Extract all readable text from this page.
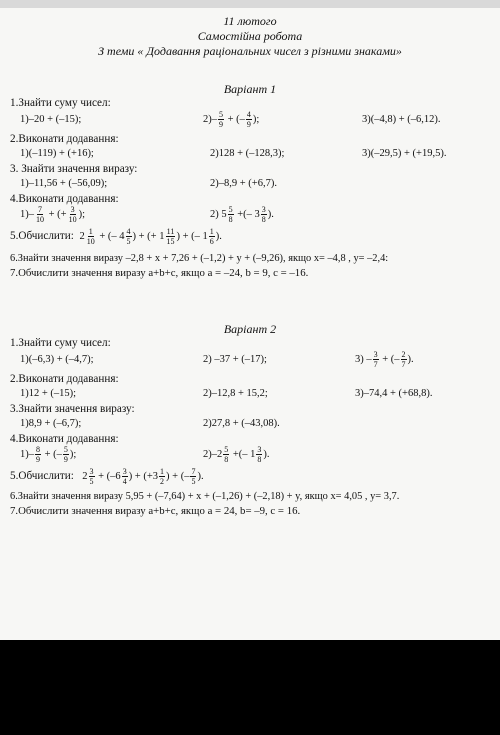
11 лютого
Самостійна робота
З теми « Додавання раціональних чисел з різними знаками»
Варіант 1
1.Знайти суму чисел:
1)–20 + (–15);	$2)- \frac{5}{9}$ + (– $\frac{4}{9}$ );	3)(–4,8) + (–6,12).
2.Виконати додавання:
1)(–119) + (+16);	2)128 + (–128,3);	3)(–29,5) + (+19,5).
3. Знайти значення виразу:
1)–11,56 + (–56,09);	2)–8,9 + (+6,7).
4.Виконати додавання:
$1)- \frac{7}{10}$ + (+ $\frac{3}{10}$ );	2) $5 \frac{5}{8}$ +(– $3 \frac{3}{8}$ ).
5.Обчислити: $2 \frac{1}{10}$ + (– $4 \frac{4}{5}$ ) + (+ $1 \frac{11}{15}$ ) + (– $1 \frac{1}{6}$ ).
6.Знайти значення виразу –2,8 + x + 7,26 + (–1,2) + y + (–9,26), якщо x= –4,8 , y= –2,4:
7.Обчислити значення виразу a+b+c, якщо a = –24, b = 9, c = –16.
Варіант 2
1.Знайти суму чисел:
1)(–6,3) + (–4,7);	2) –37 + (–17);	$3) - \frac{3}{7}$ + (– $\frac{2}{7}$ ).
2.Виконати додавання:
1)12 + (–15);	2)–12,8 + 15,2;	3)–74,4 + (+68,8).
3.Знайти значення виразу:
1)8,9 + (–6,7);	2)27,8 + (–43,08).
4.Виконати додавання:
$1)- \frac{8}{9}$ + (– $\frac{5}{9}$ );	$2)-2 \frac{5}{8}$ +(– $1 \frac{3}{8}$ ).
5.Обчислити: $2 \frac{3}{5} + (-6 \frac{3}{4}$ ) + ($+3 \frac{1}{2}$ ) + (– $\frac{7}{5}$ ).
6.Знайти значення виразу 5,95 + (–7,64) + x + (–1,26) + (–2,18) + y, якщо x= 4,05 , y= 3,7.
7.Обчислити значення виразу a+b+c, якщо a = 24, b= –9, c = 16.
